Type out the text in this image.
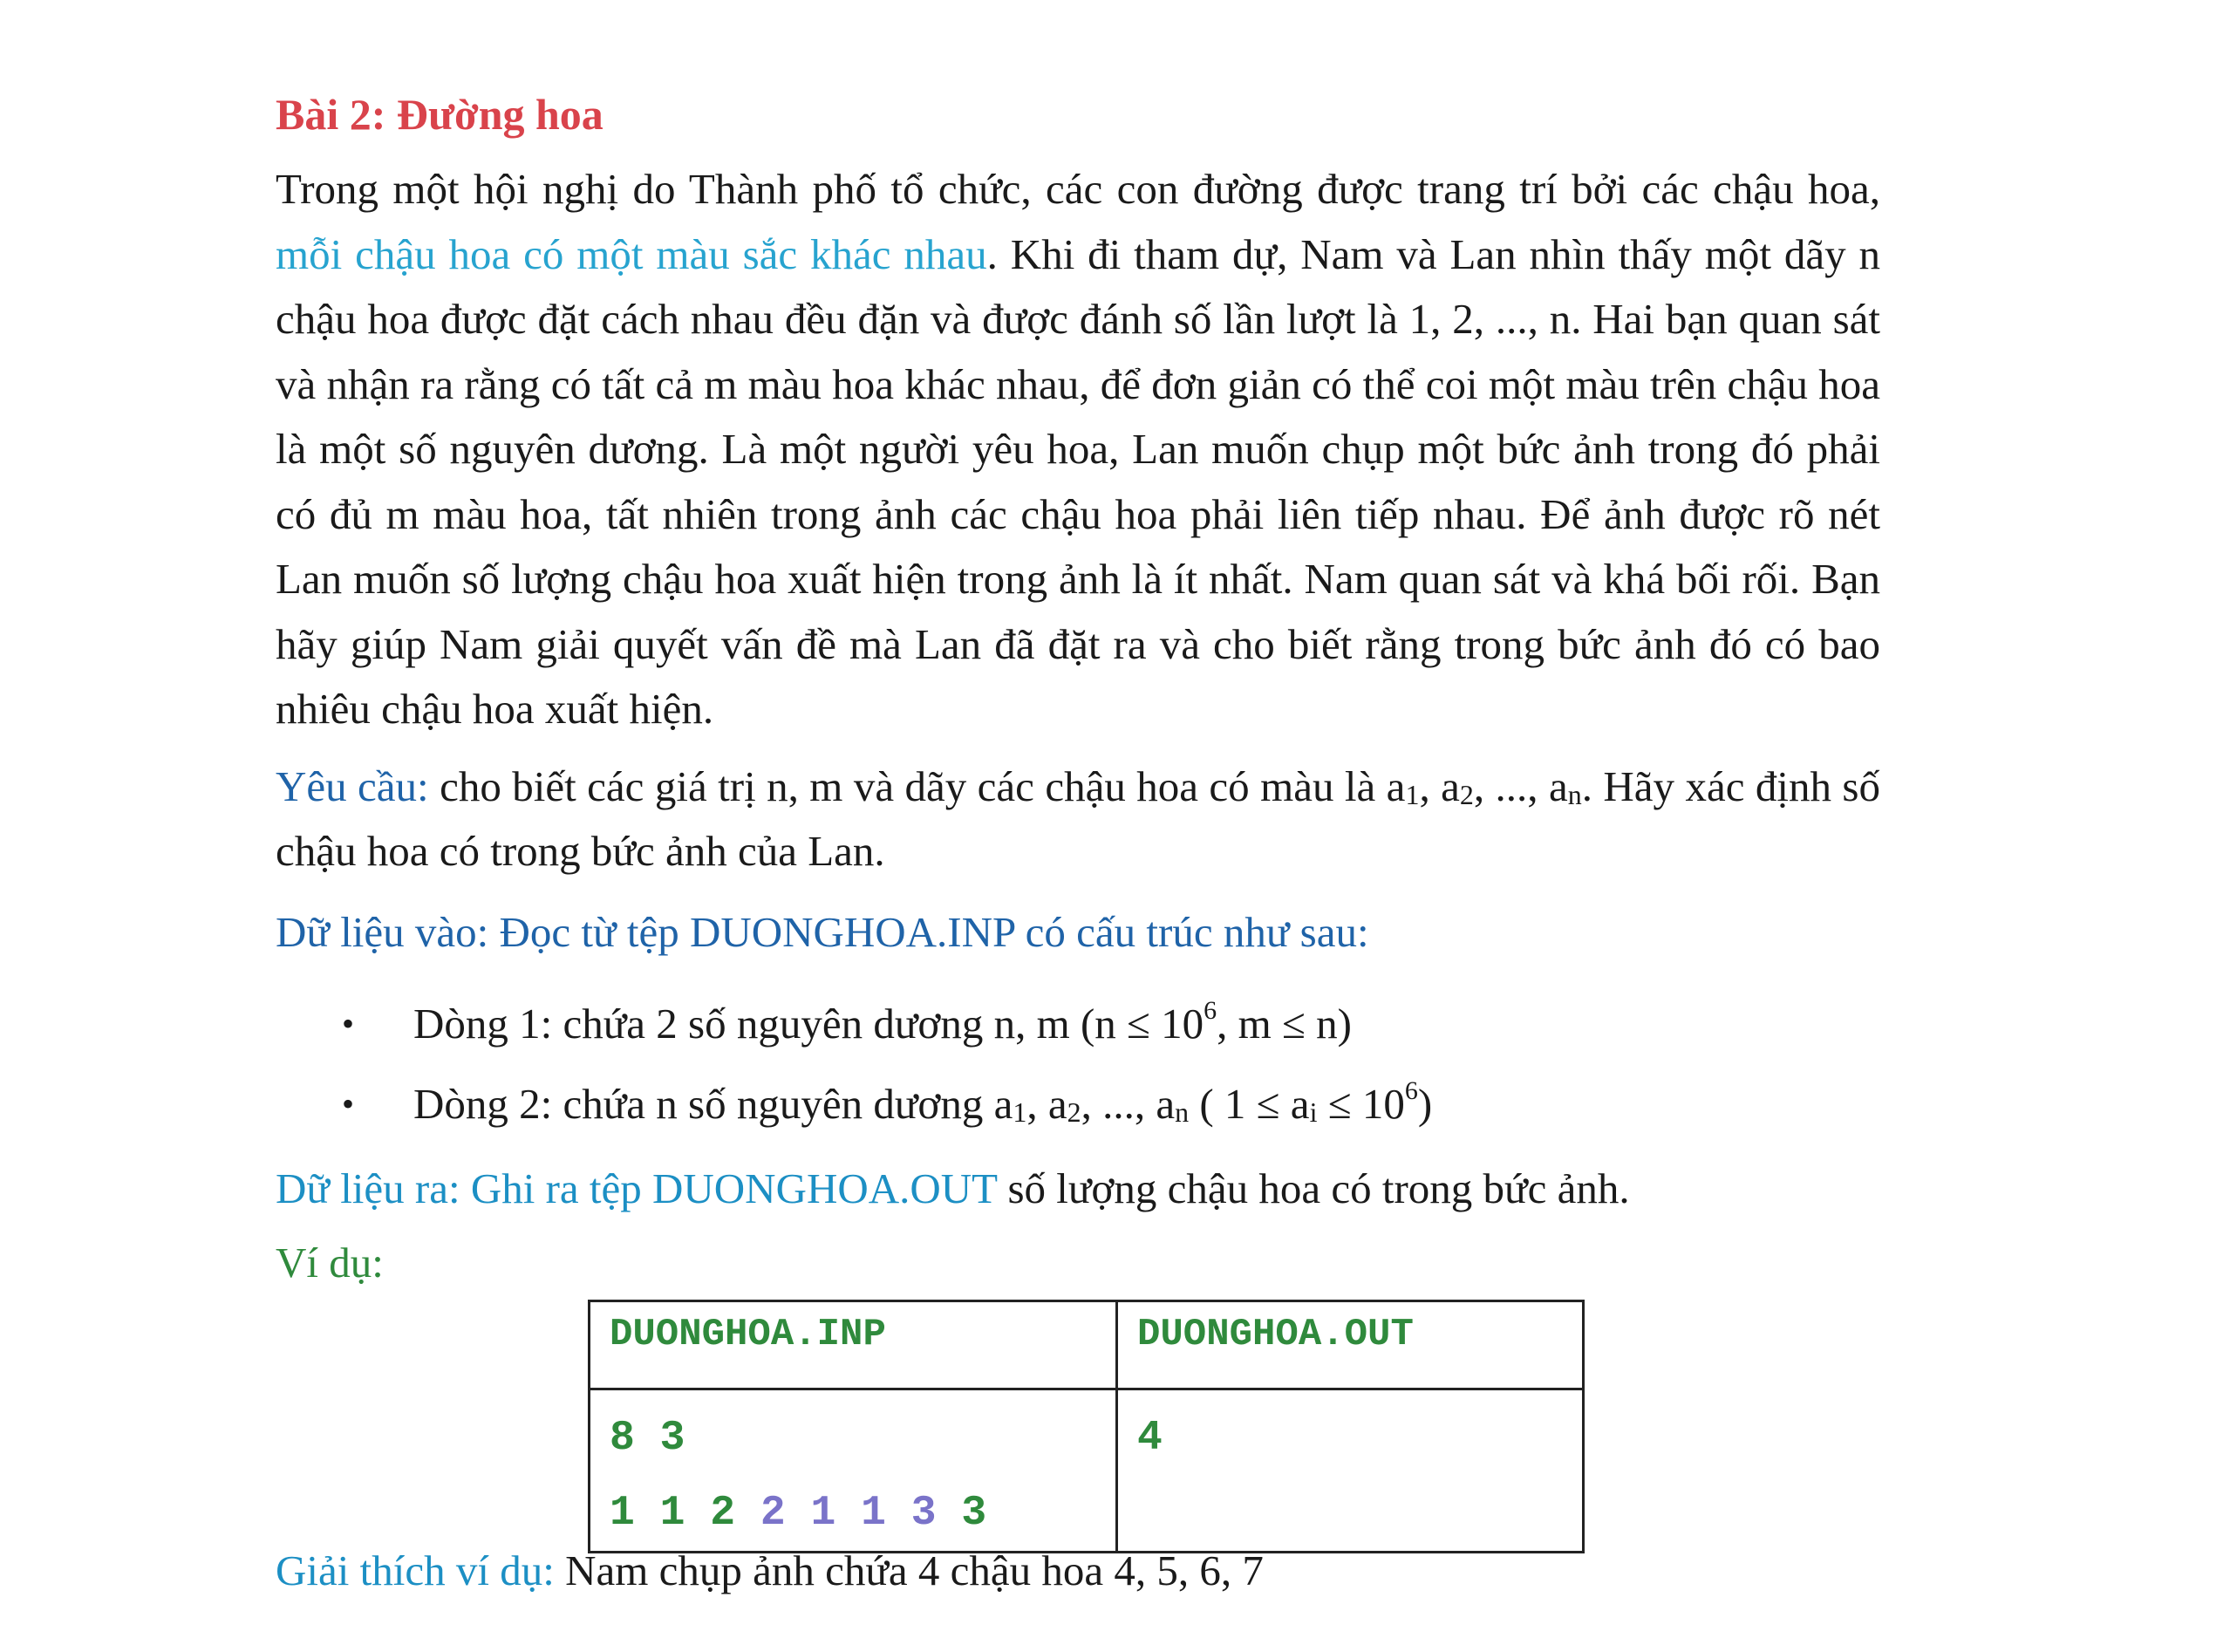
Bài 2: Đường hoa

Trong một hội nghị do Thành phố tổ chức, các con đường được trang trí bởi các chậu hoa, mỗi chậu hoa có một màu sắc khác nhau. Khi đi tham dự, Nam và Lan nhìn thấy một dãy n chậu hoa được đặt cách nhau đều đặn và được đánh số lần lượt là 1, 2, ..., n. Hai bạn quan sát và nhận ra rằng có tất cả m màu hoa khác nhau, để đơn giản có thể coi một màu trên chậu hoa là một số nguyên dương. Là một người yêu hoa, Lan muốn chụp một bức ảnh trong đó phải có đủ m màu hoa, tất nhiên trong ảnh các chậu hoa phải liên tiếp nhau. Để ảnh được rõ nét Lan muốn số lượng chậu hoa xuất hiện trong ảnh là ít nhất. Nam quan sát và khá bối rối. Bạn hãy giúp Nam giải quyết vấn đề mà Lan đã đặt ra và cho biết rằng trong bức ảnh đó có bao nhiêu chậu hoa xuất hiện.

Yêu cầu: cho biết các giá trị n, m và dãy các chậu hoa có màu là $a_1$, $a_2$, ..., $a_n$. Hãy xác định số chậu hoa có trong bức ảnh của Lan.

Dữ liệu vào: Đọc từ tệp DUONGHOA.INP có cấu trúc như sau:

• Dòng 1: chứa 2 số nguyên dương n, m ($n \le 10^6$, m ≤ n)
• Dòng 2: chứa n số nguyên dương $a_1$, $a_2$, ..., $a_n$ ( $1 \le a_i \le 10^6$)

Dữ liệu ra: Ghi ra tệp DUONGHOA.OUT số lượng chậu hoa có trong bức ảnh.

Ví dụ:

DUONGHOA.INP	DUONGHOA.OUT

8 3
1 1 2 2 1 1 3 3	4
Giải thích ví dụ: Nam chụp ảnh chứa 4 chậu hoa 4, 5, 6, 7
